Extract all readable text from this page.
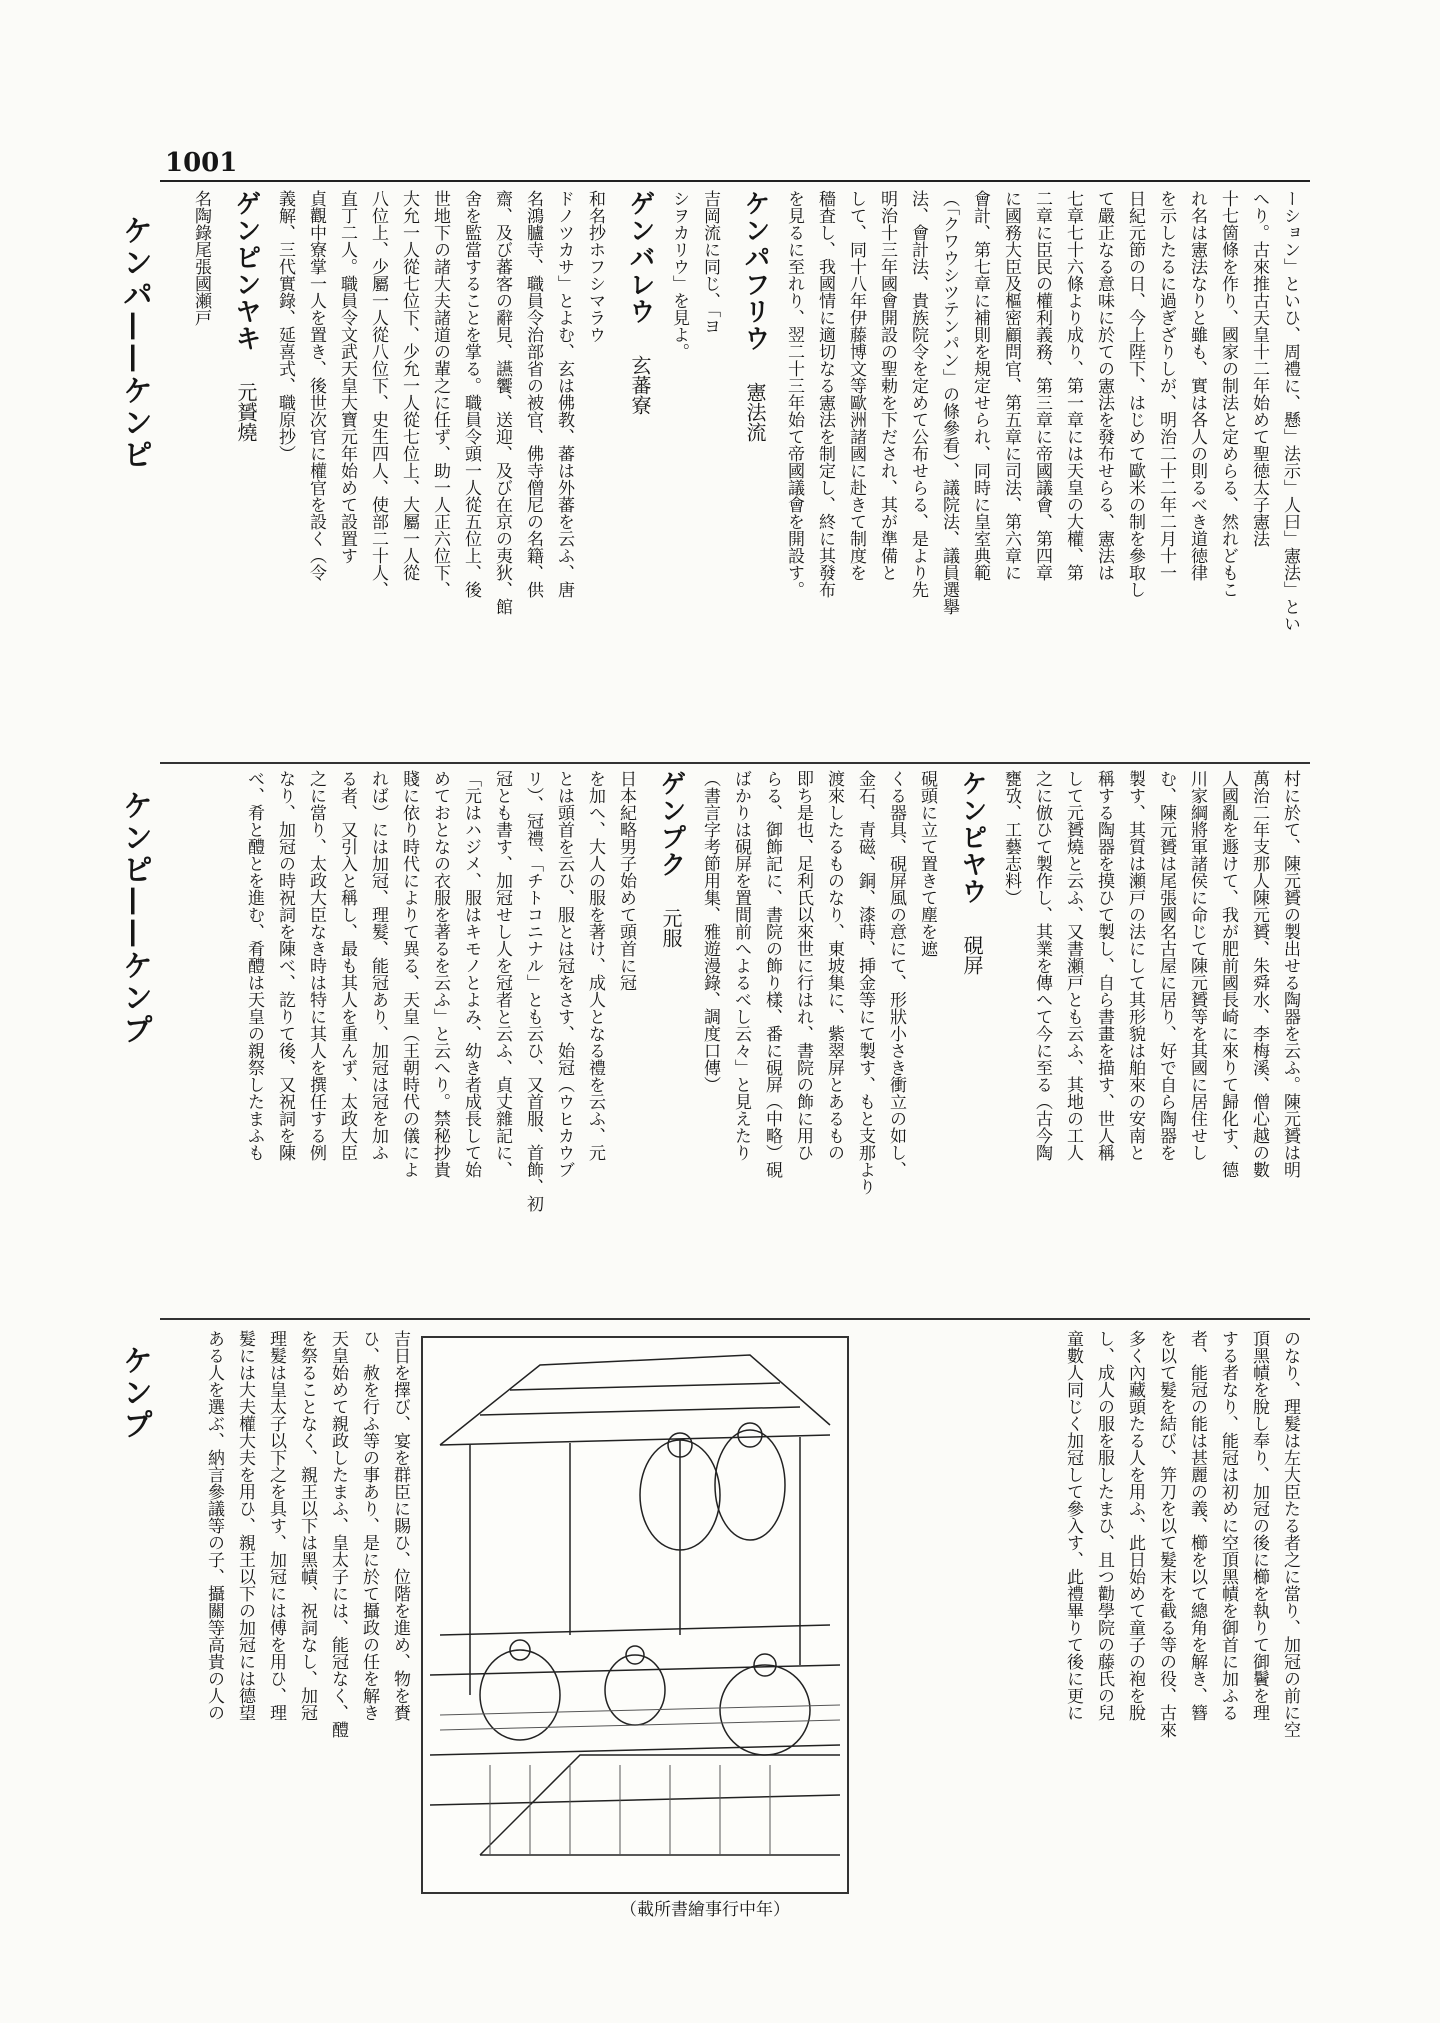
1001
ケンパ——ケンピ
ケンピ——ケンプ
ケンプ

ーション」といひ、周禮に、懸」法示」人曰」憲法」とい

へり。古來推古天皇十二年始めて聖徳太子憲法

十七箇條を作り、國家の制法と定めらる、然れどもこ

れ名は憲法なりと雖も、實は各人の則るべき道徳律

を示したるに過ぎざりしが、明治二十二年二月十一

日紀元節の日、今上陛下、はじめて歐米の制を參取し

て嚴正なる意味に於ての憲法を發布せらる、憲法は

七章七十六條より成り、第一章には天皇の大權、第

二章に臣民の權利義務、第三章に帝國議會、第四章

に國務大臣及樞密顧問官、第五章に司法、第六章に

會計、第七章に補則を規定せられ、同時に皇室典範

（「クワウシツテンパン」の條參看）、議院法、議員選擧

法、會計法、貴族院令を定めて公布せらる、是より先

明治十三年國會開設の聖勅を下だされ、其が準備と

して、同十八年伊藤博文等歐洲諸國に赴きて制度を

穡査し、我國情に適切なる憲法を制定し、終に其發布

を見るに至れり、翌二十三年始て帝國議會を開設す。

ケンパフリウ憲法流

吉岡流に同じ、「ヨ

シヲカリウ」を見よ。

ゲンバレウ玄蕃寮

和名抄ホフシマラウ

ドノツカサ」とよむ、玄は佛教、蕃は外蕃を云ふ、唐

名鴻臚寺、職員令治部省の被官、佛寺僧尼の名籍、供

齋、及び蕃客の辭見、讌饗、送迎、及び在京の夷狄、館

舍を監當することを掌る。職員令頭一人從五位上、後

世地下の諸大夫諸道の輩之に任ず、助一人正六位下、

大允一人從七位下、少允一人從七位上、大屬一人從

八位上、少屬一人從八位下、史生四人、使部二十人、

直丁二人。職員令文武天皇大寶元年始めて設置す

貞觀中寮掌一人を置き、後世次官に權官を設く（令

義解、三代實錄、延喜式、職原抄）

ゲンピンヤキ元贇燒

名陶錄尾張國瀬戸

村に於て、陳元贇の製出せる陶器を云ふ。陳元贇は明

萬治二年支那人陳元贇、朱舜水、李梅溪、僧心越の數

人國亂を遯けて、我が肥前國長崎に來りて歸化す、德

川家綱將軍諸侯に命じて陳元贇等を其國に居住せし

む、陳元贇は尾張國名古屋に居り、好で自ら陶器を

製す、其質は瀬戸の法にして其形貌は舶來の安南と

稱する陶器を摸ひて製し、自ら書畫を描す、世人稱

して元贇燒と云ふ、又書瀬戸とも云ふ、其地の工人

之に倣ひて製作し、其業を傳へて今に至る（古今陶

甕攷、工藝志料）

ケンピヤウ硯屏

硯頭に立て置きて塵を遮

くる器具、硯屏風の意にて、形狀小さき衝立の如し、

金石、青磁、銅、漆蒔、挿金等にて製す、もと支那より

渡來したるものなり、東坡集に、紫翠屏とあるもの

即ち是也、足利氏以來世に行はれ、書院の飾に用ひ

らる、御飾記に、書院の飾り樣、番に硯屏（中略）硯

ばかりは硯屏を置間前へよるべし云々」と見えたり

（書言字考節用集、雅遊漫錄、調度口傳）

ゲンプク元服

日本紀略男子始めて頭首に冠

を加へ、大人の服を著け、成人となる禮を云ふ、元

とは頭首を云ひ、服とは冠をさす、始冠（ウヒカウブ

リ）、冠禮、「チトコニナル」とも云ひ、又首服、首飾、初

冠とも書す、加冠せし人を冠者と云ふ、貞丈雜記に、

「元はハジメ、服はキモノとよみ、幼き者成長して始

めておとなの衣服を著るを云ふ」と云へり。禁秘抄貴

賤に依り時代によりて異る、天皇（王朝時代の儀によ

れば）には加冠、理髮、能冠あり、加冠は冠を加ふ

る者、又引入と稱し、最も其人を重んず、太政大臣

之に當り、太政大臣なき時は特に其人を撰任する例

なり、加冠の時祝詞を陳べ、訖りて後、又祝詞を陳

べ、肴と醴とを進む、肴醴は天皇の親祭したまふも

のなり、理髮は左大臣たる者之に當り、加冠の前に空

頂黑幘を脫し奉り、加冠の後に櫛を執りて御鬢を理

する者なり、能冠は初めに空頂黑幘を御首に加ふる

者、能冠の能は甚麗の義、櫛を以て總角を解き、簪

を以て髮を結び、笄刀を以て髮末を截る等の役、古來

多く內藏頭たる人を用ふ、此日始めて童子の袍を脫

し、成人の服を服したまひ、且つ勸學院の藤氏の兒

童數人同じく加冠して參入す、此禮畢りて後に更に

（載所書繪事行中年）

吉日を擇び、宴を群臣に賜ひ、位階を進め、物を賚

ひ、赦を行ふ等の事あり、是に於て攝政の任を解き

天皇始めて親政したまふ、皇太子には、能冠なく、醴

を祭ることなく、親王以下は黑幘、祝詞なし、加冠

理髮は皇太子以下之を具す、加冠には傅を用ひ、理

髮には大夫權大夫を用ひ、親王以下の加冠には德望

ある人を選ぶ、納言參議等の子、攝關等高貴の人の
